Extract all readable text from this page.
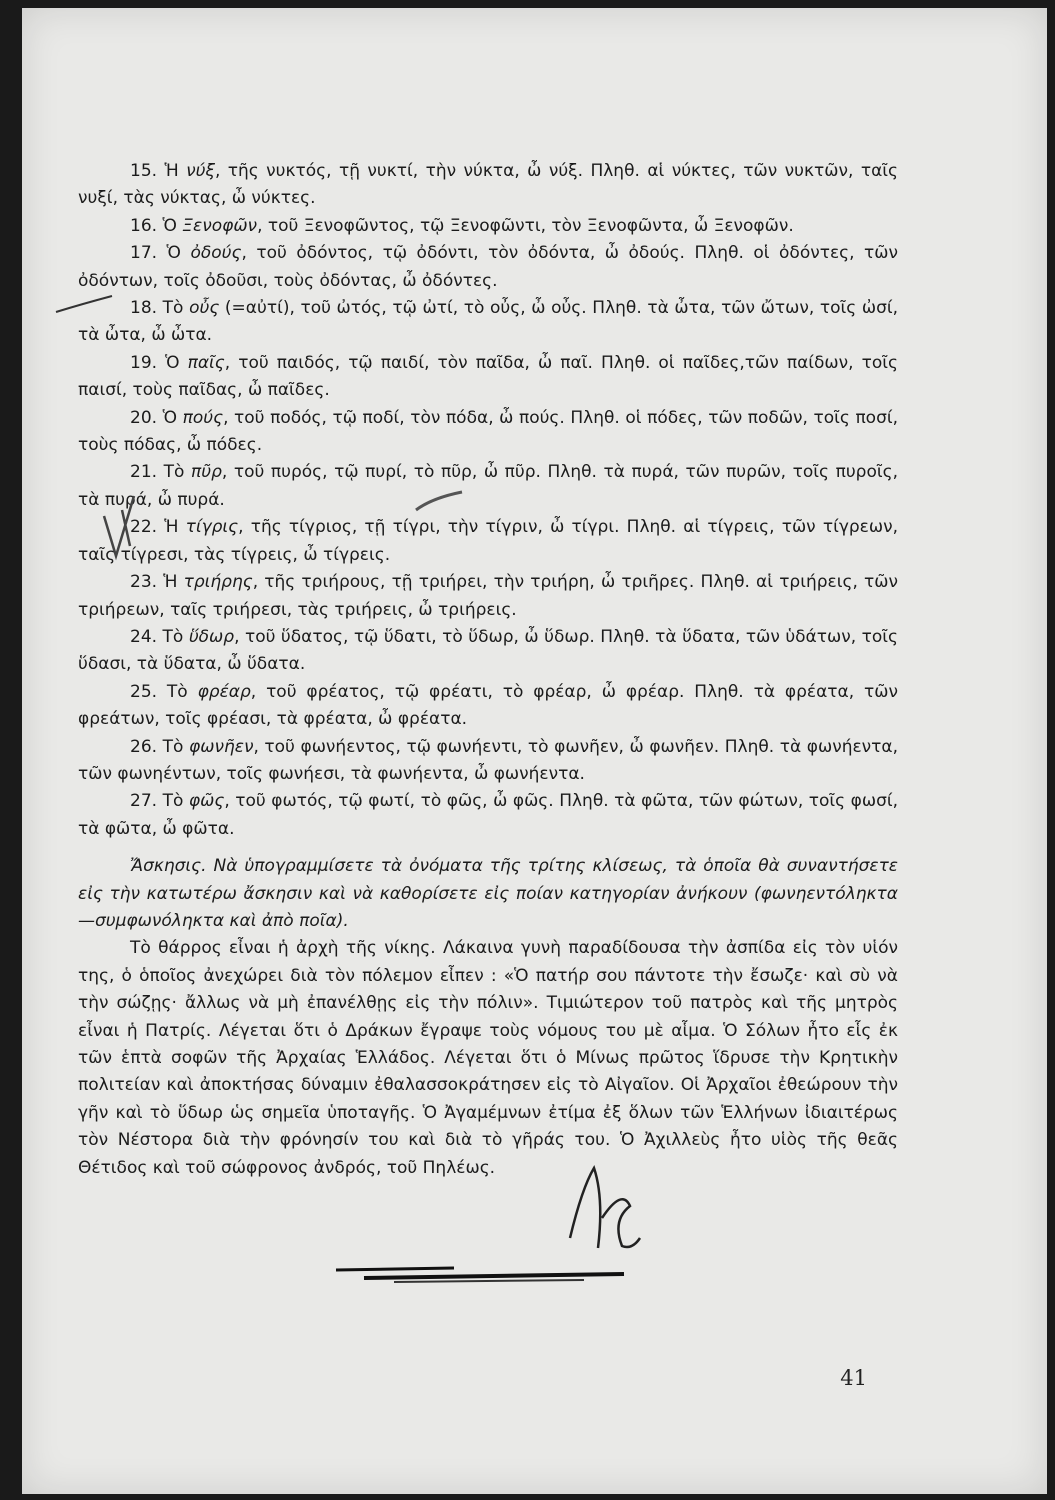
15. Ἡ νύξ, τῆς νυκτός, τῇ νυκτί, τὴν νύκτα, ὦ νύξ. Πληθ. αἱ νύκτες, τῶν νυκτῶν, ταῖς νυξί, τὰς νύκτας, ὦ νύκτες.

16. Ὁ Ξενοφῶν, τοῦ Ξενοφῶντος, τῷ Ξενοφῶντι, τὸν Ξενοφῶντα, ὦ Ξενοφῶν.

17. Ὁ ὀδούς, τοῦ ὀδόντος, τῷ ὀδόντι, τὸν ὀδόντα, ὦ ὀδούς. Πληθ. οἱ ὀδόντες, τῶν ὀδόντων, τοῖς ὀδοῦσι, τοὺς ὀδόντας, ὦ ὀδόντες.

18. Τὸ οὖς (=αὐτί), τοῦ ὠτός, τῷ ὠτί, τὸ οὖς, ὦ οὖς. Πληθ. τὰ ὦτα, τῶν ὤτων, τοῖς ὠσί, τὰ ὦτα, ὦ ὦτα.

19. Ὁ παῖς, τοῦ παιδός, τῷ παιδί, τὸν παῖδα, ὦ παῖ. Πληθ. οἱ παῖδες,τῶν παίδων, τοῖς παισί, τοὺς παῖδας, ὦ παῖδες.

20. Ὁ πούς, τοῦ ποδός, τῷ ποδί, τὸν πόδα, ὦ πούς. Πληθ. οἱ πόδες, τῶν ποδῶν, τοῖς ποσί, τοὺς πόδας, ὦ πόδες.

21. Τὸ πῦρ, τοῦ πυρός, τῷ πυρί, τὸ πῦρ, ὦ πῦρ. Πληθ. τὰ πυρά, τῶν πυρῶν, τοῖς πυροῖς, τὰ πυρά, ὦ πυρά.

22. Ἡ τίγρις, τῆς τίγριος, τῇ τίγρι, τὴν τίγριν, ὦ τίγρι. Πληθ. αἱ τίγρεις, τῶν τίγρεων, ταῖς τίγρεσι, τὰς τίγρεις, ὦ τίγρεις.

23. Ἡ τριήρης, τῆς τριήρους, τῇ τριήρει, τὴν τριήρη, ὦ τριῆρες. Πληθ. αἱ τριήρεις, τῶν τριήρεων, ταῖς τριήρεσι, τὰς τριήρεις, ὦ τριήρεις.

24. Τὸ ὕδωρ, τοῦ ὕδατος, τῷ ὕδατι, τὸ ὕδωρ, ὦ ὕδωρ. Πληθ. τὰ ὕδατα, τῶν ὑδάτων, τοῖς ὕδασι, τὰ ὕδατα, ὦ ὕδατα.

25. Τὸ φρέαρ, τοῦ φρέατος, τῷ φρέατι, τὸ φρέαρ, ὦ φρέαρ. Πληθ. τὰ φρέατα, τῶν φρεάτων, τοῖς φρέασι, τὰ φρέατα, ὦ φρέατα.

26. Τὸ φωνῆεν, τοῦ φωνήεντος, τῷ φωνήεντι, τὸ φωνῆεν, ὦ φωνῆεν. Πληθ. τὰ φωνήεντα, τῶν φωνηέντων, τοῖς φωνήεσι, τὰ φωνήεντα, ὦ φωνήεντα.

27. Τὸ φῶς, τοῦ φωτός, τῷ φωτί, τὸ φῶς, ὦ φῶς. Πληθ. τὰ φῶτα, τῶν φώτων, τοῖς φωσί, τὰ φῶτα, ὦ φῶτα.

Ἄσκησις. Νὰ ὑπογραμμίσετε τὰ ὀνόματα τῆς τρίτης κλίσεως, τὰ ὁποῖα θὰ συναντήσετε εἰς τὴν κατωτέρω ἄσκησιν καὶ νὰ καθορίσετε εἰς ποίαν κατηγορίαν ἀνήκουν (φωνηεντόληκτα—συμφωνόληκτα καὶ ἀπὸ ποῖα).

Τὸ θάρρος εἶναι ἡ ἀρχὴ τῆς νίκης. Λάκαινα γυνὴ παραδίδουσα τὴν ἀσπίδα εἰς τὸν υἱόν της, ὁ ὁποῖος ἀνεχώρει διὰ τὸν πόλεμον εἶπεν : «Ὁ πατήρ σου πάντοτε τὴν ἔσωζε· καὶ σὺ νὰ τὴν σώζῃς· ἄλλως νὰ μὴ ἐπανέλθῃς εἰς τὴν πόλιν». Τιμιώτερον τοῦ πατρὸς καὶ τῆς μητρὸς εἶναι ἡ Πατρίς. Λέγεται ὅτι ὁ Δράκων ἔγραψε τοὺς νόμους του μὲ αἷμα. Ὁ Σόλων ἦτο εἷς ἐκ τῶν ἑπτὰ σοφῶν τῆς Ἀρχαίας Ἑλλάδος. Λέγεται ὅτι ὁ Μίνως πρῶτος ἵδρυσε τὴν Κρητικὴν πολιτείαν καὶ ἀποκτήσας δύναμιν ἐθαλασσοκράτησεν εἰς τὸ Αἰγαῖον. Οἱ Ἀρχαῖοι ἐθεώρουν τὴν γῆν καὶ τὸ ὕδωρ ὡς σημεῖα ὑποταγῆς. Ὁ Ἀγαμέμνων ἐτίμα ἐξ ὅλων τῶν Ἑλλήνων ἰδιαιτέρως τὸν Νέστορα διὰ τὴν φρόνησίν του καὶ διὰ τὸ γῆράς του. Ὁ Ἀχιλλεὺς ἦτο υἱὸς τῆς θεᾶς Θέτιδος καὶ τοῦ σώφρονος ἀνδρός, τοῦ Πηλέως.

41
